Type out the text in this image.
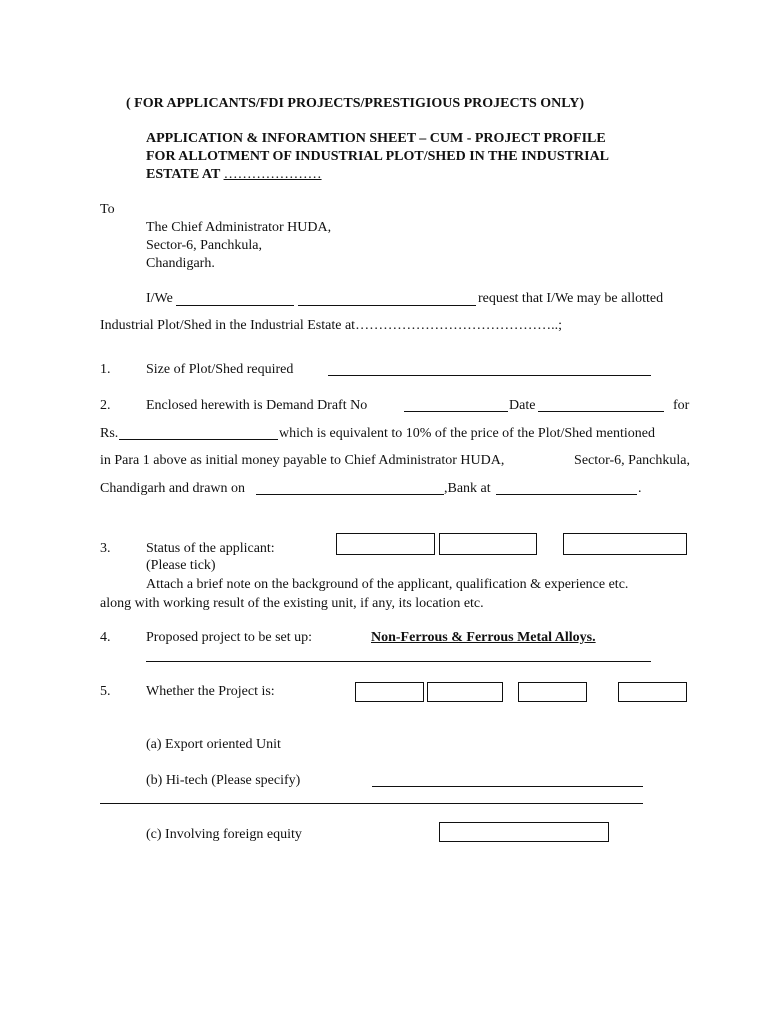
( FOR APPLICANTS/FDI PROJECTS/PRESTIGIOUS PROJECTS ONLY)
APPLICATION & INFORAMTION SHEET – CUM - PROJECT PROFILE
FOR ALLOTMENT OF INDUSTRIAL PLOT/SHED IN THE INDUSTRIAL
ESTATE AT …………………
To
The Chief Administrator HUDA,
Sector-6, Panchkula,
Chandigarh.
I/We	request that I/We may be allotted
Industrial Plot/Shed in the Industrial Estate at……………………………………..;
1.	Size of Plot/Shed required
2.	Enclosed herewith is Demand Draft No	Date	for
Rs.	which is equivalent to 10% of the price of the Plot/Shed mentioned
in Para 1 above as initial money payable to Chief Administrator HUDA,	Sector-6, Panchkula,
Chandigarh and drawn on	,Bank at	.
3.	Status of the applicant:
(Please tick)
Attach a brief note on the background of the applicant, qualification & experience etc.
along with working result of the existing unit, if any, its location etc.
4.	Proposed project to be set up:	Non-Ferrous & Ferrous Metal Alloys.
5.	Whether the Project is:
(a) Export oriented Unit
(b) Hi-tech (Please specify)
(c) Involving foreign equity
